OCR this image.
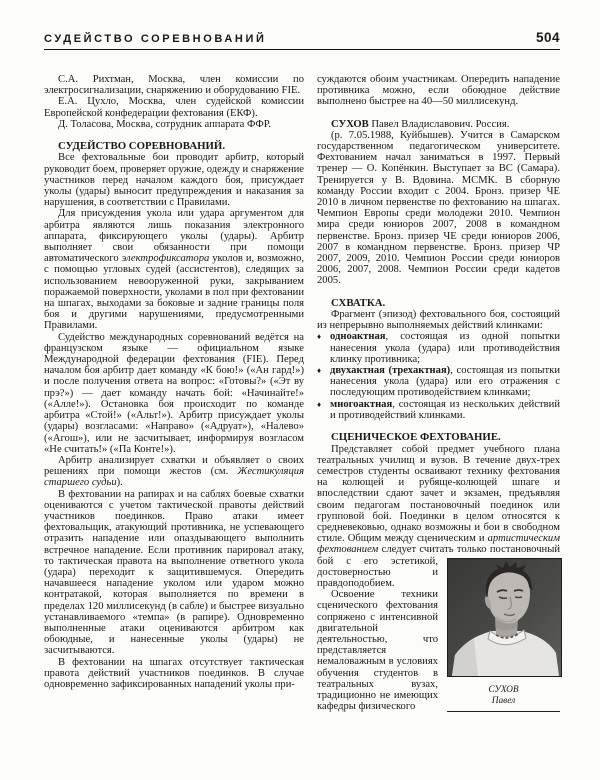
СУДЕЙСТВО СОРЕВНОВАНИЙ	504

С.А. Рихтман, Москва, член комиссии по электросигнализации, снаряжению и оборудованию FIE.

Е.А. Цухло, Москва, член судейской комиссии Европейской конфедерации фехтования (ЕКФ).

Д. Толасова, Москва, сотрудник аппарата ФФР.

СУДЕЙСТВО СОРЕВНОВАНИЙ.

Все фехтовальные бои проводит арбитр, который руководит боем, проверяет оружие, одежду и снаряжение участников перед началом каждого боя, присуждает уколы (удары) выносит предупреждения и наказания за нарушения, в соответствии с Правилами.

Для присуждения укола или удара аргументом для арбитра являются лишь показания электронного аппарата, фиксирующего уколы (удары). Арбитр выполняет свои обязанности при помощи автоматического электрофиксатора уколов и, возможно, с помощью угловых судей (ассистентов), следящих за использованием невооруженной руки, закрыванием поражаемой поверхности, уколами в пол при фехтовании на шпагах, выходами за боковые и задние границы поля боя и другими нарушениями, предусмотренными Правилами.

Судейство международных соревнований ведётся на французском языке — официальном языке Международной федерации фехтования (FIE). Перед началом боя арбитр дает команду «К бою!» («Ан гард!») и после получения ответа на вопрос: «Готовы?» («Эт ву прэ?») — дает команду начать бой: «Начинайте!» («Алле!»). Остановка боя происходит по команде арбитра «Стой!» («Альт!»). Арбитр присуждает уколы (удары) возгласами: «Направо» («Адруат»), «Налево» («Агош»), или не засчитывает, информируя возгласом «Не считать!» («Па Конте!»).

Арбитр анализирует схватки и объявляет о своих решениях при помощи жестов (см. Жестикуляция старшего судьи).

В фехтовании на рапирах и на саблях боевые схватки оцениваются с учетом тактической правоты действий участников поединков. Право атаки имеет фехтовальщик, атакующий противника, не успевающего отразить нападение или опаздывающего выполнить встречное нападение. Если противник парировал атаку, то тактическая правота на выполнение ответного укола (удара) переходит к защитившемуся. Опередить начавшееся нападение уколом или ударом можно контратакой, которая выполняется по времени в пределах 120 миллисекунд (в сабле) и быстрее визуально устанавливаемого «темпа» (в рапире). Одновременно выполненные атаки оцениваются арбитром как обоюдные, и нанесенные уколы (удары) не засчитываются.

В фехтовании на шпагах отсутствует тактическая правота действий участников поединков. В случае одновременно зафиксированных нападений уколы при-

суждаются обоим участникам. Опередить нападение противника можно, если обоюдное действие выполнено быстрее на 40—50 миллисекунд.

СУХОВ Павел Владиславович. Россия.

(р. 7.05.1988, Куйбышев). Учится в Самарском государственном педагогическом университете. Фехтованием начал заниматься в 1997. Первый тренер — О. Копёнкин. Выступает за ВС (Самара). Тренируется у В. Вдовина. МСМК. В сборную команду России входит с 2004. Бронз. призер ЧЕ 2010 в личном первенстве по фехтованию на шпагах. Чемпион Европы среди молодежи 2010. Чемпион мира среди юниоров 2007, 2008 в командном первенстве. Бронз. призер ЧЕ среди юниоров 2006, 2007 в командном первенстве. Бронз. призер ЧР 2007, 2009, 2010. Чемпион России среди юниоров 2006, 2007, 2008. Чемпион России среди кадетов 2005.

СХВАТКА.

Фрагмент (эпизод) фехтовального боя, состоящий из непрерывно выполняемых действий клинками:

♦ одноактная, состоящая из одной попытки нанесения укола (удара) или противодействия клинку противника;
♦ двухактная (трехактная), состоящая из попытки нанесения укола (удара) или его отражения с последующим противодействием клинками;
♦ многоактная, состоящая из нескольких действий и противодействий клинками.
СЦЕНИЧЕСКОЕ ФЕХТОВАНИЕ.

Представляет собой предмет учебного плана театральных училищ и вузов. В течение двух-трех семестров студенты осваивают технику фехтования на колющей и рубяще-колющей шпаге и впоследствии сдают зачет и экзамен, предъявляя своим педагогам постановочный поединок или групповой бой. Поединки в целом относятся к средневековью, однако возможны и бои в свободном стиле. Общим между сценическим и артистическим фехтованием следует считать только
СУХОВ
Павел
постановочный бой с его эстетикой, достоверностью и правдоподобием.

Освоение техники сценического фехтования сопряжено с интенсивной двигательной деятельностью, что представляется немаловажным в условиях обучения студентов в театральных вузах, традиционно не имеющих кафедры физического
